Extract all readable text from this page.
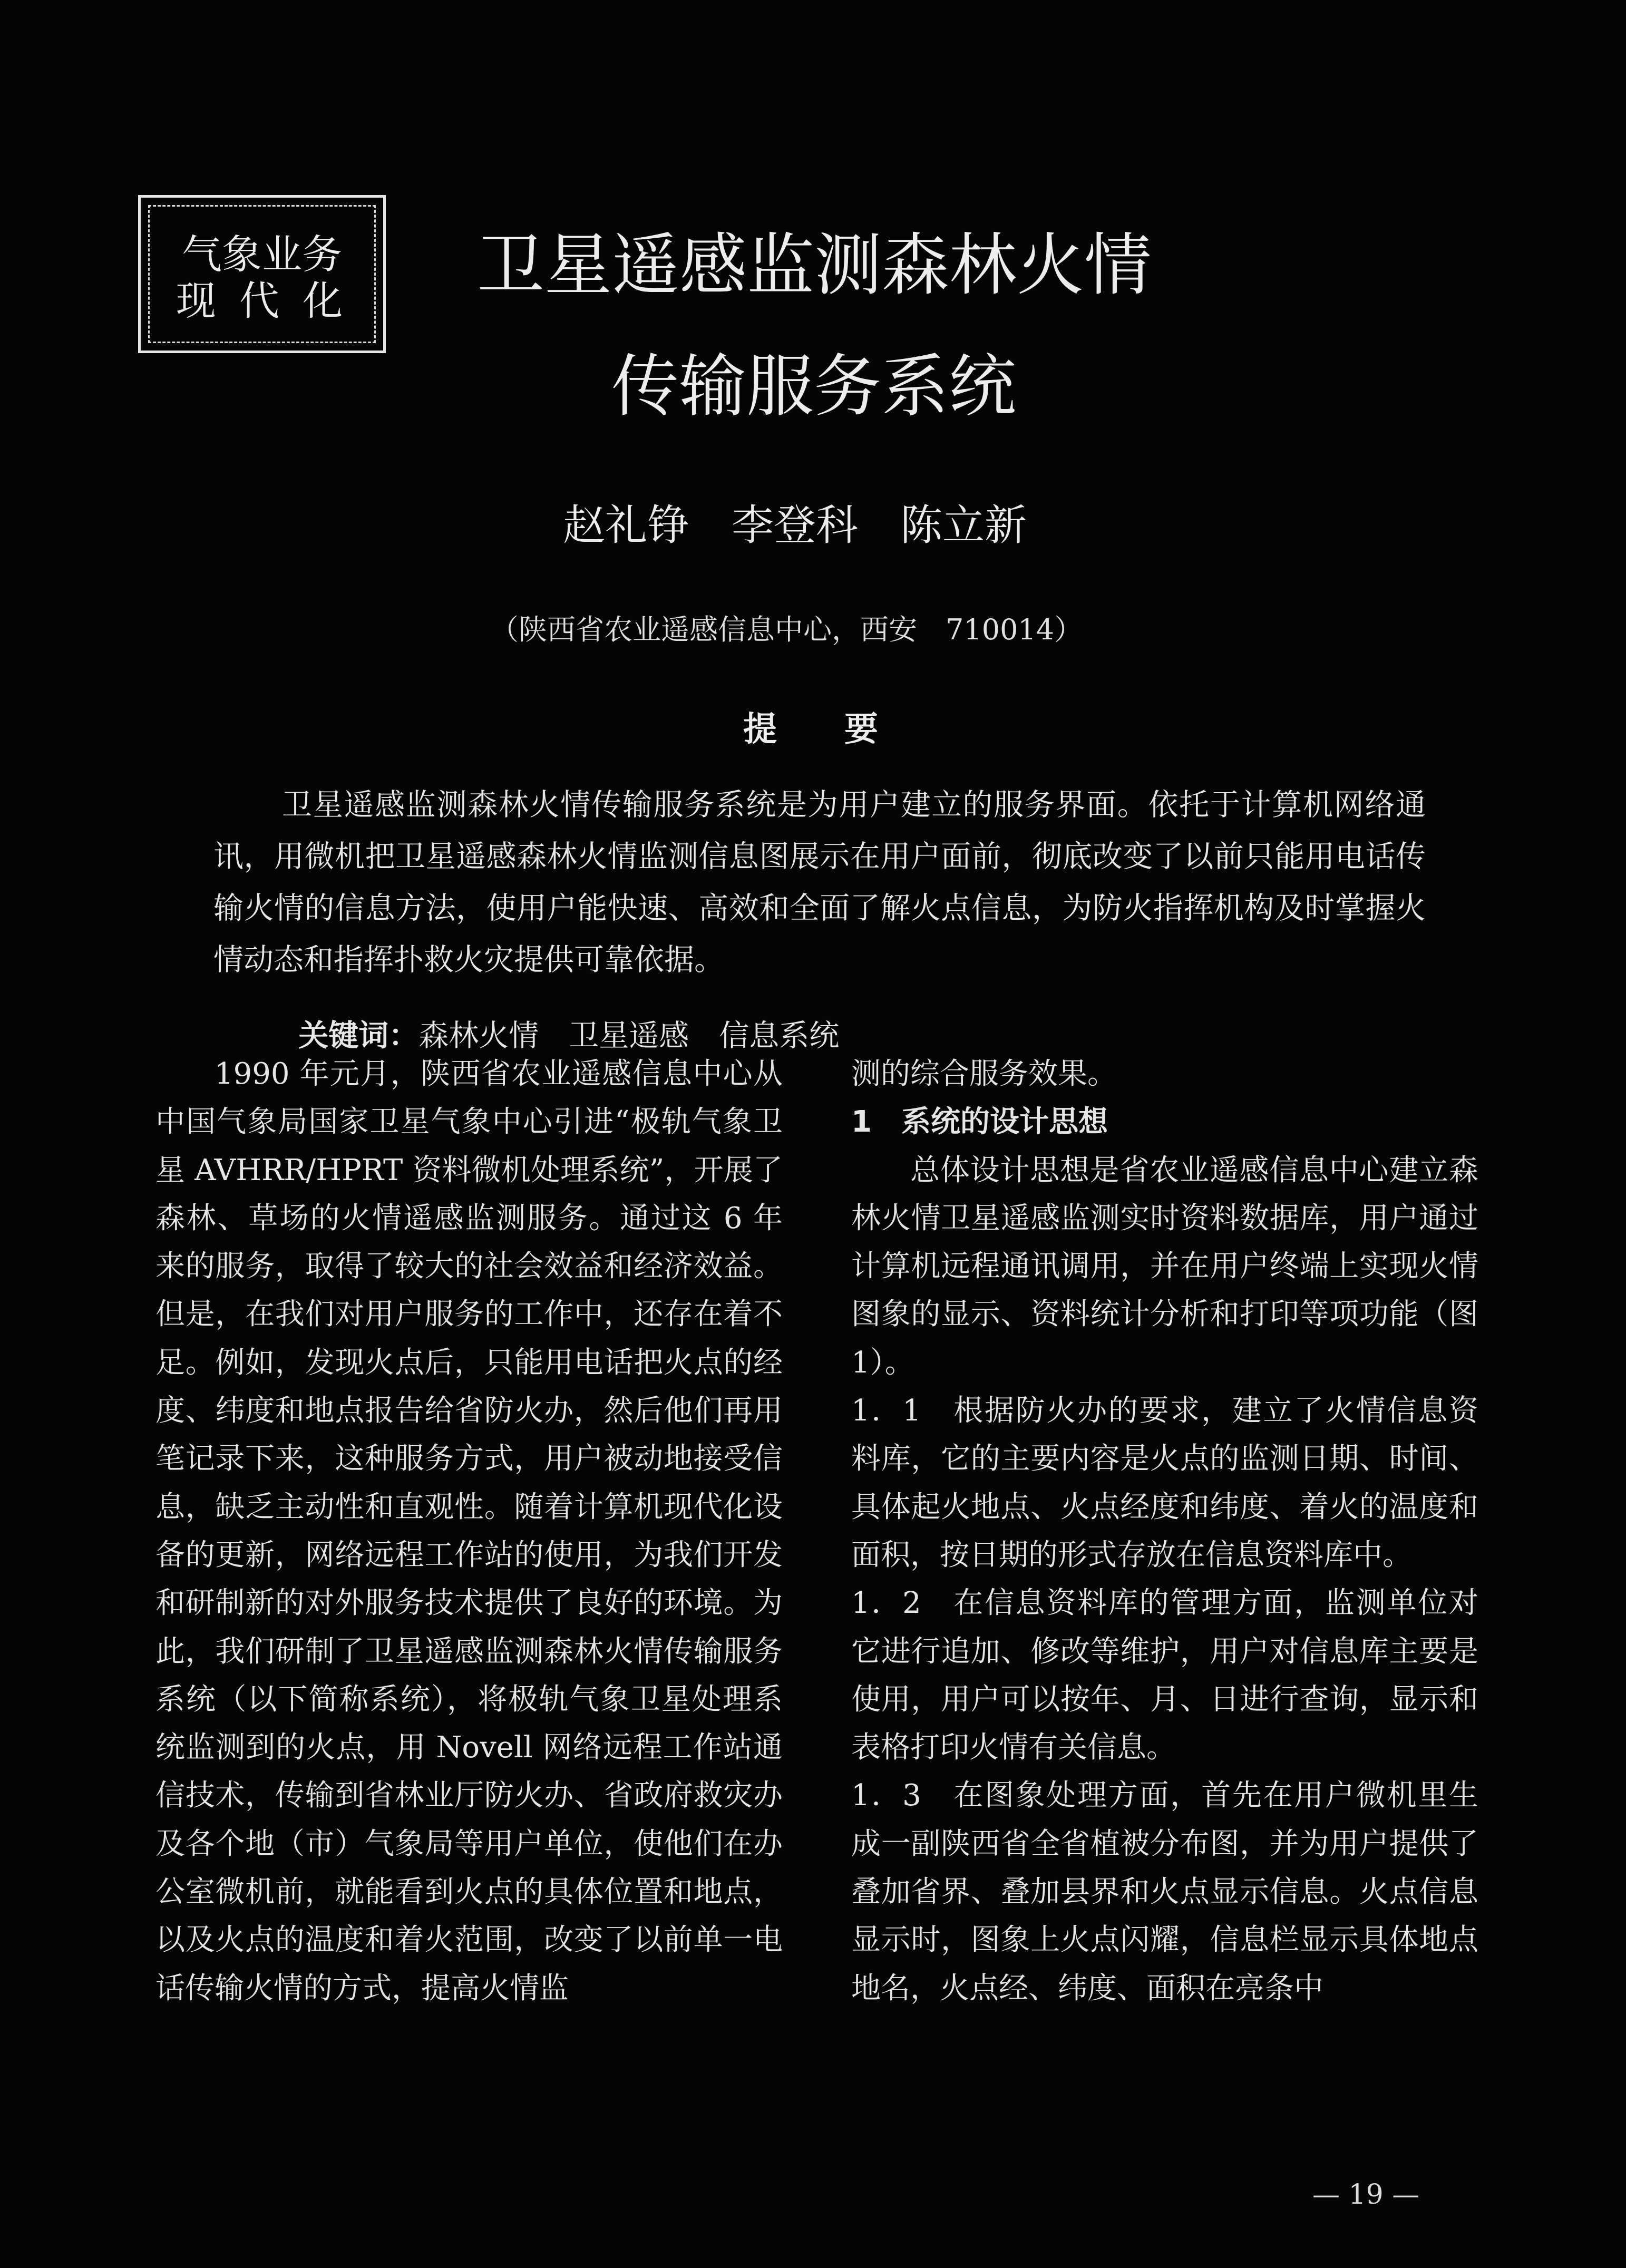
气象业务
现 代 化	卫星遥感监测森林火情
传输服务系统
赵礼铮　李登科　陈立新
（陕西省农业遥感信息中心，西安　710014）
提　　要
卫星遥感监测森林火情传输服务系统是为用户建立的服务界面。依托于计算机网络通讯，用微机把卫星遥感森林火情监测信息图展示在用户面前，彻底改变了以前只能用电话传输火情的信息方法，使用户能快速、高效和全面了解火点信息，为防火指挥机构及时掌握火情动态和指挥扑救火灾提供可靠依据。

关键词：森林火情　卫星遥感　信息系统

1990 年元月，陕西省农业遥感信息中心从中国气象局国家卫星气象中心引进“极轨气象卫星 AVHRR/HPRT 资料微机处理系统”，开展了森林、草场的火情遥感监测服务。通过这 6 年来的服务，取得了较大的社会效益和经济效益。但是，在我们对用户服务的工作中，还存在着不足。例如，发现火点后，只能用电话把火点的经度、纬度和地点报告给省防火办，然后他们再用笔记录下来，这种服务方式，用户被动地接受信息，缺乏主动性和直观性。随着计算机现代化设备的更新，网络远程工作站的使用，为我们开发和研制新的对外服务技术提供了良好的环境。为此，我们研制了卫星遥感监测森林火情传输服务系统（以下简称系统），将极轨气象卫星处理系统监测到的火点，用 Novell 网络远程工作站通信技术，传输到省林业厅防火办、省政府救灾办及各个地（市）气象局等用户单位，使他们在办公室微机前，就能看到火点的具体位置和地点，以及火点的温度和着火范围，改变了以前单一电话传输火情的方式，提高火情监

测的综合服务效果。

1　系统的设计思想

总体设计思想是省农业遥感信息中心建立森林火情卫星遥感监测实时资料数据库，用户通过计算机远程通讯调用，并在用户终端上实现火情图象的显示、资料统计分析和打印等项功能（图 1）。

1．1　根据防火办的要求，建立了火情信息资料库，它的主要内容是火点的监测日期、时间、具体起火地点、火点经度和纬度、着火的温度和面积，按日期的形式存放在信息资料库中。

1．2　在信息资料库的管理方面，监测单位对它进行追加、修改等维护，用户对信息库主要是使用，用户可以按年、月、日进行查询，显示和表格打印火情有关信息。

1．3　在图象处理方面，首先在用户微机里生成一副陕西省全省植被分布图，并为用户提供了叠加省界、叠加县界和火点显示信息。火点信息显示时，图象上火点闪耀，信息栏显示具体地点地名，火点经、纬度、面积在亮条中

— 19 —
